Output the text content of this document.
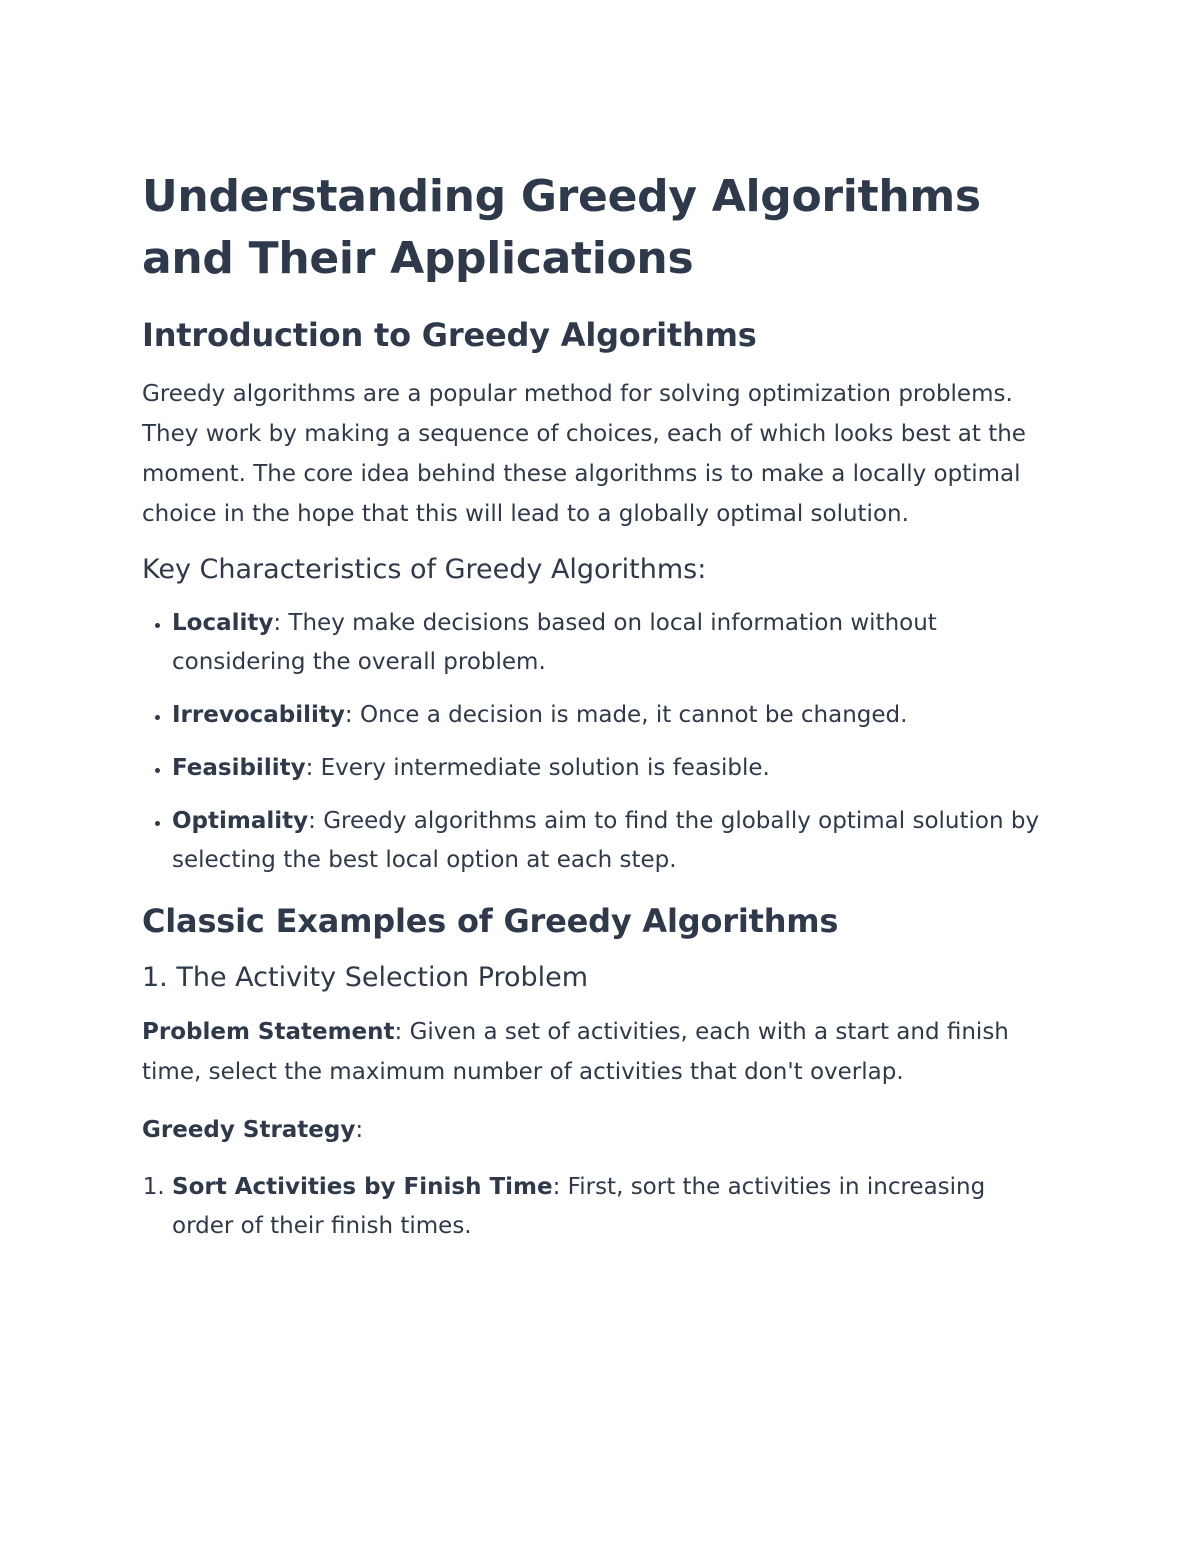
Understanding Greedy Algorithms and Their Applications
Introduction to Greedy Algorithms

Greedy algorithms are a popular method for solving optimization problems. They work by making a sequence of choices, each of which looks best at the moment. The core idea behind these algorithms is to make a locally optimal choice in the hope that this will lead to a globally optimal solution.

Key Characteristics of Greedy Algorithms:
• Locality: They make decisions based on local information without considering the overall problem.
• Irrevocability: Once a decision is made, it cannot be changed.
• Feasibility: Every intermediate solution is feasible.
• Optimality: Greedy algorithms aim to find the globally optimal solution by selecting the best local option at each step.
Classic Examples of Greedy Algorithms
1. The Activity Selection Problem

Problem Statement: Given a set of activities, each with a start and finish time, select the maximum number of activities that don't overlap.

Greedy Strategy:

1. Sort Activities by Finish Time: First, sort the activities in increasing order of their finish times.
